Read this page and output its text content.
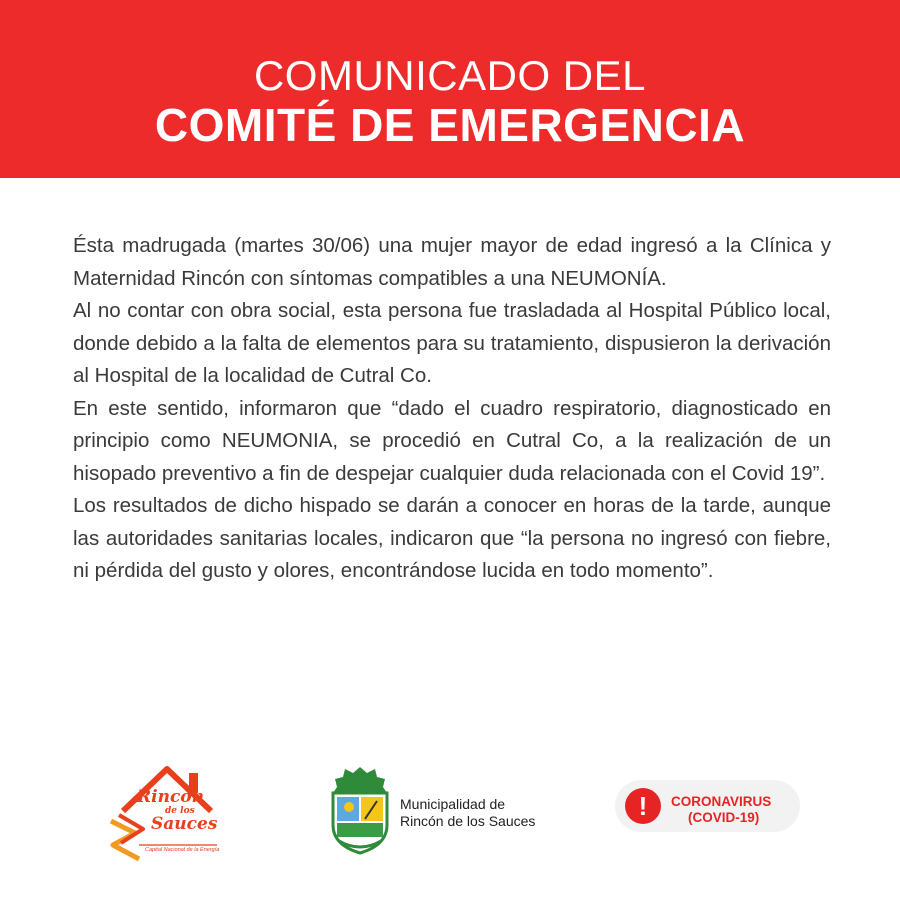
COMUNICADO DEL
COMITÉ DE EMERGENCIA

Ésta madrugada (martes 30/06) una mujer mayor de edad ingresó a la Clínica y Maternidad Rincón con síntomas compatibles a una NEUMONÍA.

Al no contar con obra social, esta persona fue trasladada al Hospital Público local, donde debido a la falta de elementos para su tratamiento, dispusieron la derivación al Hospital de la localidad de Cutral Co.

En este sentido, informaron que “dado el cuadro respiratorio, diagnosticado en principio como NEUMONIA, se procedió en Cutral Co, a la realización de un hisopado preventivo a fin de despejar cualquier duda relacionada con el Covid 19”.

Los resultados de dicho hispado se darán a conocer en horas de la tarde, aunque las autoridades sanitarias locales, indicaron que “la persona no ingresó con fiebre, ni pérdida del gusto y olores, encontrándose lucida en todo momento”.

Rincón
de los
Sauces
Capital Nacional de la Energía
Municipalidad de
Rincón de los Sauces	!	CORONAVIRUS
(COVID-19)
